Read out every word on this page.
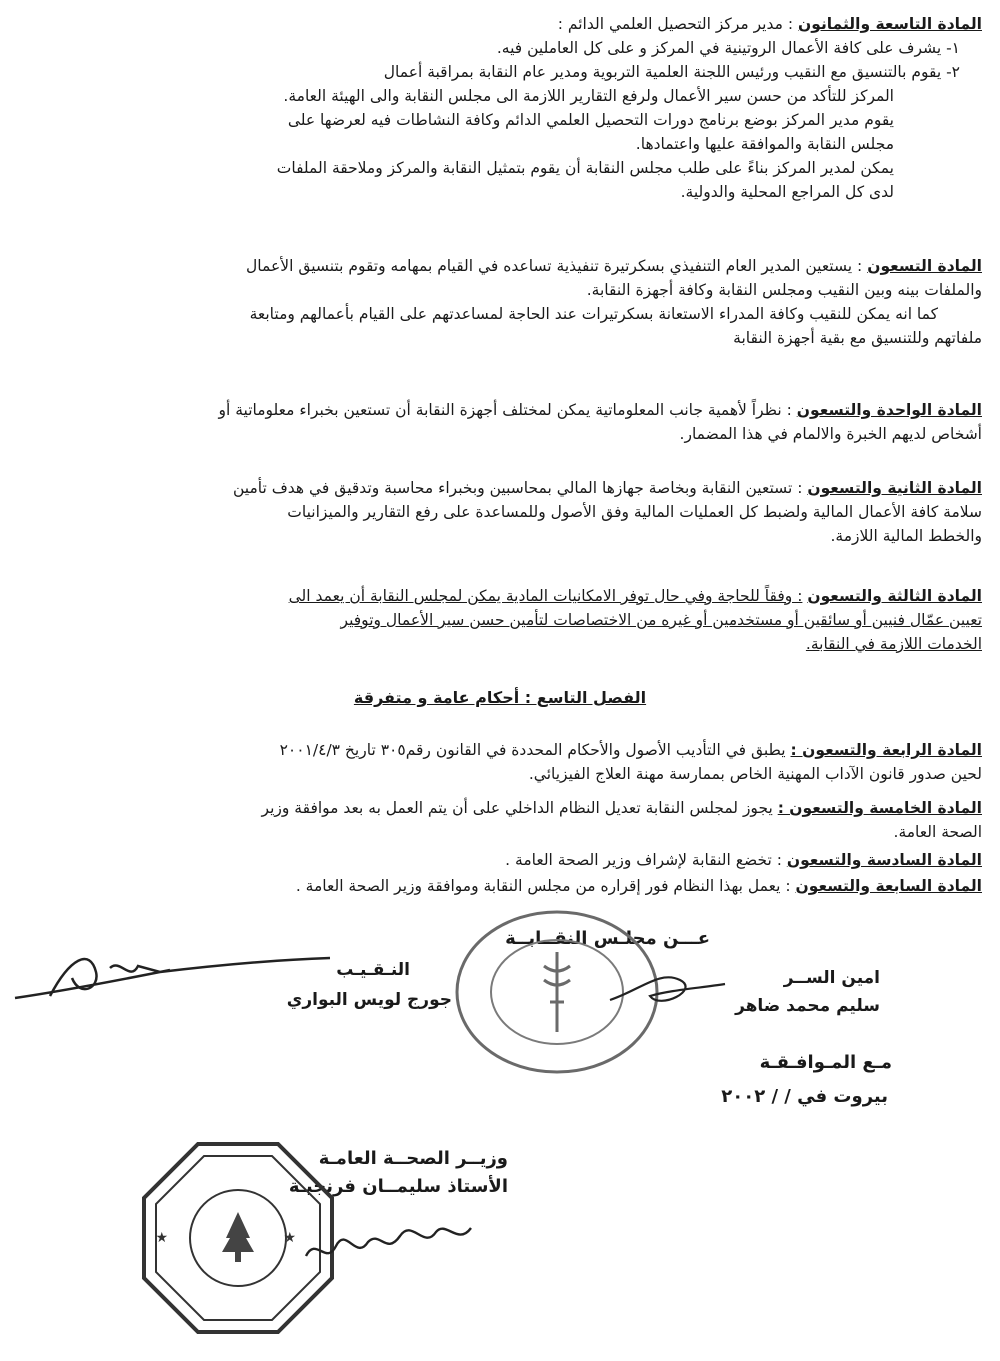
المادة التاسعة والثمانون : مدير مركز التحصيل العلمي الدائم :
١- يشرف على كافة الأعمال الروتينية في المركز و على كل العاملين فيه.
٢- يقوم بالتنسيق مع النقيب ورئيس اللجنة العلمية التربوية ومدير عام النقابة بمراقبة أعمال
المركز للتأكد من حسن سير الأعمال ولرفع التقارير اللازمة الى مجلس النقابة والى الهيئة العامة.
يقوم مدير المركز بوضع برنامج دورات التحصيل العلمي الدائم وكافة النشاطات فيه لعرضها على
مجلس النقابة والموافقة عليها واعتمادها.
يمكن لمدير المركز بناءً على طلب مجلس النقابة أن يقوم بتمثيل النقابة والمركز وملاحقة الملفات
لدى كل المراجع المحلية والدولية.
المادة التسعون : يستعين المدير العام التنفيذي بسكرتيرة تنفيذية تساعده في القيام بمهامه وتقوم بتنسيق الأعمال
والملفات بينه وبين النقيب ومجلس النقابة وكافة أجهزة النقابة.
كما انه يمكن للنقيب وكافة المدراء الاستعانة بسكرتيرات عند الحاجة لمساعدتهم على القيام بأعمالهم ومتابعة
ملفاتهم وللتنسيق مع بقية أجهزة النقابة
المادة الواحدة والتسعون : نظراً لأهمية جانب المعلوماتية يمكن لمختلف أجهزة النقابة أن تستعين بخبراء معلوماتية أو
أشخاص لديهم الخبرة والالمام في هذا المضمار.
المادة الثانية والتسعون : تستعين النقابة وبخاصة جهازها المالي بمحاسبين وبخبراء محاسبة وتدقيق في هدف تأمين
سلامة كافة الأعمال المالية ولضبط كل العمليات المالية وفق الأصول وللمساعدة على رفع التقارير والميزانيات
والخطط المالية اللازمة.
المادة الثالثة والتسعون : وفقاً للحاجة وفي حال توفر الامكانيات المادية يمكن لمجلس النقابة أن يعمد الى
تعيين عمّال فنيين أو سائقين أو مستخدمين أو غيره من الاختصاصات لتأمين حسن سير الأعمال وتوفير
الخدمات اللازمة في النقابة.
الفصل التاسع : أحكام عامة و متفرقة
المادة الرابعة والتسعون : يطبق في التأديب الأصول والأحكام المحددة في القانون رقم٣٠٥ تاريخ ٢٠٠١/٤/٣
لحين صدور قانون الآداب المهنية الخاص بممارسة مهنة العلاج الفيزيائي.
المادة الخامسة والتسعون : يجوز لمجلس النقابة تعديل النظام الداخلي على أن يتم العمل به بعد موافقة وزير
الصحة العامة.
المادة السادسة والتسعون : تخضع النقابة لإشراف وزير الصحة العامة .
المادة السابعة والتسعون : يعمل بهذا النظام فور إقراره من مجلس النقابة وموافقة وزير الصحة العامة .
عـــن مجلـس النقــابــة
امين الســر
سليم محمد ضاهر
النـقـيـب
جورج لويس البواري
مـع المـوافـقـة
بيروت في / / ٢٠٠٢
وزيــر الصحــة العامـة
الأستاذ سليمــان فرنجيـة
★	★
